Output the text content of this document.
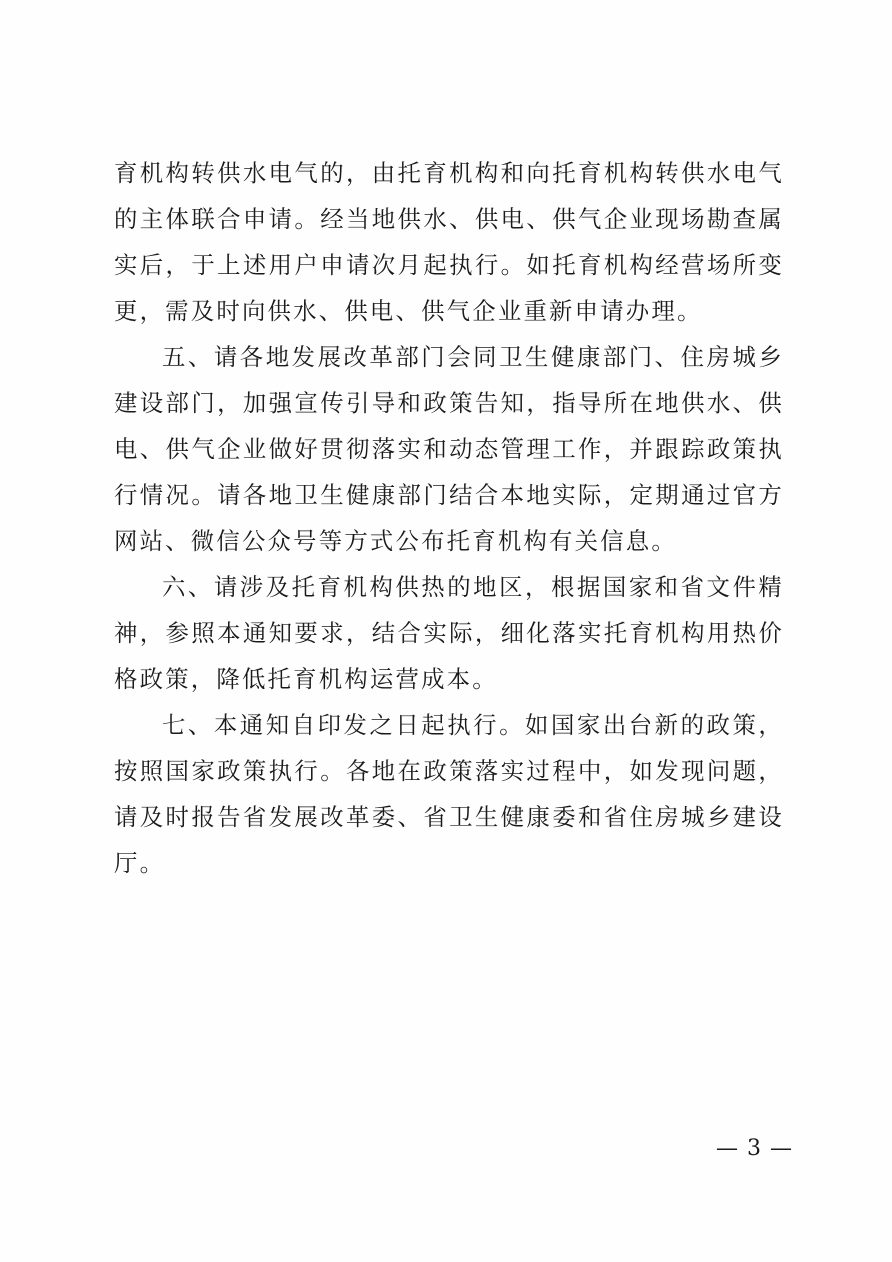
育机构转供水电气的，由托育机构和向托育机构转供水电气的主体联合申请。经当地供水、供电、供气企业现场勘查属实后，于上述用户申请次月起执行。如托育机构经营场所变更，需及时向供水、供电、供气企业重新申请办理。

五、请各地发展改革部门会同卫生健康部门、住房城乡建设部门，加强宣传引导和政策告知，指导所在地供水、供电、供气企业做好贯彻落实和动态管理工作，并跟踪政策执行情况。请各地卫生健康部门结合本地实际，定期通过官方网站、微信公众号等方式公布托育机构有关信息。

六、请涉及托育机构供热的地区，根据国家和省文件精神，参照本通知要求，结合实际，细化落实托育机构用热价格政策，降低托育机构运营成本。

七、本通知自印发之日起执行。如国家出台新的政策，按照国家政策执行。各地在政策落实过程中，如发现问题，请及时报告省发展改革委、省卫生健康委和省住房城乡建设厅。

— 3 —
